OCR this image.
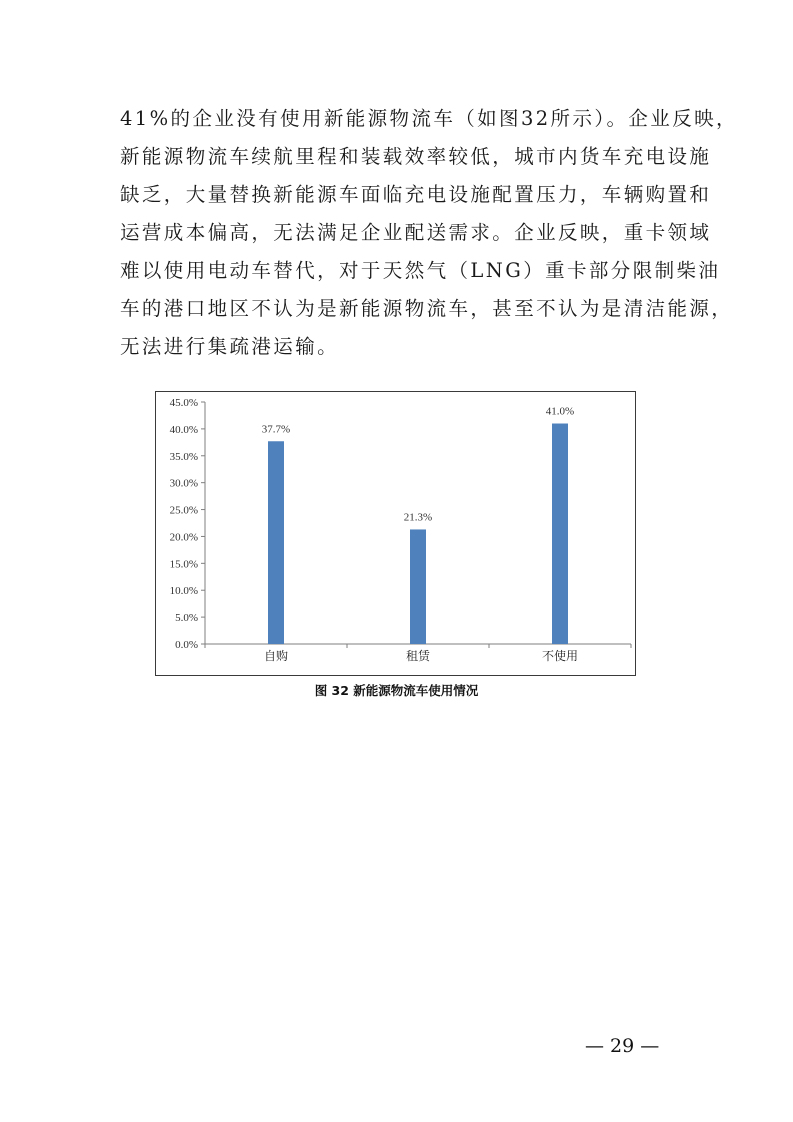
41%的企业没有使用新能源物流车（如图32所示）。企业反映，
新能源物流车续航里程和装载效率较低，城市内货车充电设施
缺乏，大量替换新能源车面临充电设施配置压力，车辆购置和
运营成本偏高，无法满足企业配送需求。企业反映，重卡领域
难以使用电动车替代，对于天然气（LNG）重卡部分限制柴油
车的港口地区不认为是新能源物流车，甚至不认为是清洁能源，
无法进行集疏港运输。
0.0%
5.0%
10.0%
15.0%
20.0%
25.0%
30.0%
35.0%
40.0%
45.0%
37.7%
自购
21.3%
租赁
41.0%
不使用
图 32 新能源物流车使用情况
— 29 —
